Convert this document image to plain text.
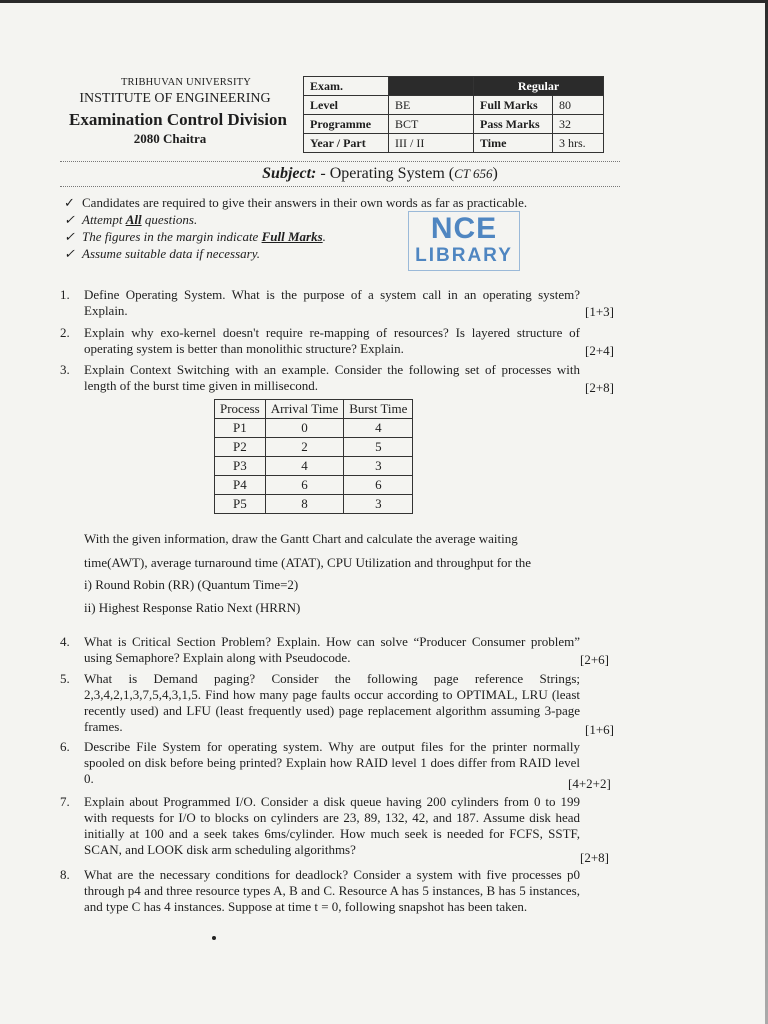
TRIBHUVAN UNIVERSITY
INSTITUTE OF ENGINEERING
Examination Control Division
2080 Chaitra
Exam.		Regular	
Level	BE	Full Marks	80
Programme	BCT	Pass Marks	32
Year / Part	III / II	Time	3 hrs.
Subject: - Operating System (CT 656)
✓ Candidates are required to give their answers in their own words as far as practicable.
✓ Attempt All questions.
✓ The figures in the margin indicate Full Marks.
✓ Assume suitable data if necessary.
NCE
LIBRARY
1. Define Operating System. What is the purpose of a system call in an operating system? Explain.	[1+3]
2. Explain why exo-kernel doesn't require re-mapping of resources? Is layered structure of operating system is better than monolithic structure? Explain.	[2+4]
3. Explain Context Switching with an example. Consider the following set of processes with length of the burst time given in millisecond.	[2+8]
Process	Arrival Time	Burst Time
P1	0	4
P2	2	5
P3	4	3
P4	6	6
P5	8	3
With the given information, draw the Gantt Chart and calculate the average waiting
time(AWT), average turnaround time (ATAT), CPU Utilization and throughput for the
i) Round Robin (RR) (Quantum Time=2)
ii) Highest Response Ratio Next (HRRN)
4. What is Critical Section Problem? Explain. How can solve “Producer Consumer problem” using Semaphore? Explain along with Pseudocode.	[2+6]
5. What is Demand paging? Consider the following page reference Strings; 2,3,4,2,1,3,7,5,4,3,1,5. Find how many page faults occur according to OPTIMAL, LRU (least recently used) and LFU (least frequently used) page replacement algorithm assuming 3-page frames.	[1+6]
6. Describe File System for operating system. Why are output files for the printer normally spooled on disk before being printed? Explain how RAID level 1 does differ from RAID level 0.	[4+2+2]
7. Explain about Programmed I/O. Consider a disk queue having 200 cylinders from 0 to 199 with requests for I/O to blocks on cylinders are 23, 89, 132, 42, and 187. Assume disk head initially at 100 and a seek takes 6ms/cylinder. How much seek is needed for FCFS, SSTF, SCAN, and LOOK disk arm scheduling algorithms?
[2+8]
8. What are the necessary conditions for deadlock? Consider a system with five processes p0 through p4 and three resource types A, B and C. Resource A has 5 instances, B has 5 instances, and type C has 4 instances. Suppose at time t = 0, following snapshot has been taken.
